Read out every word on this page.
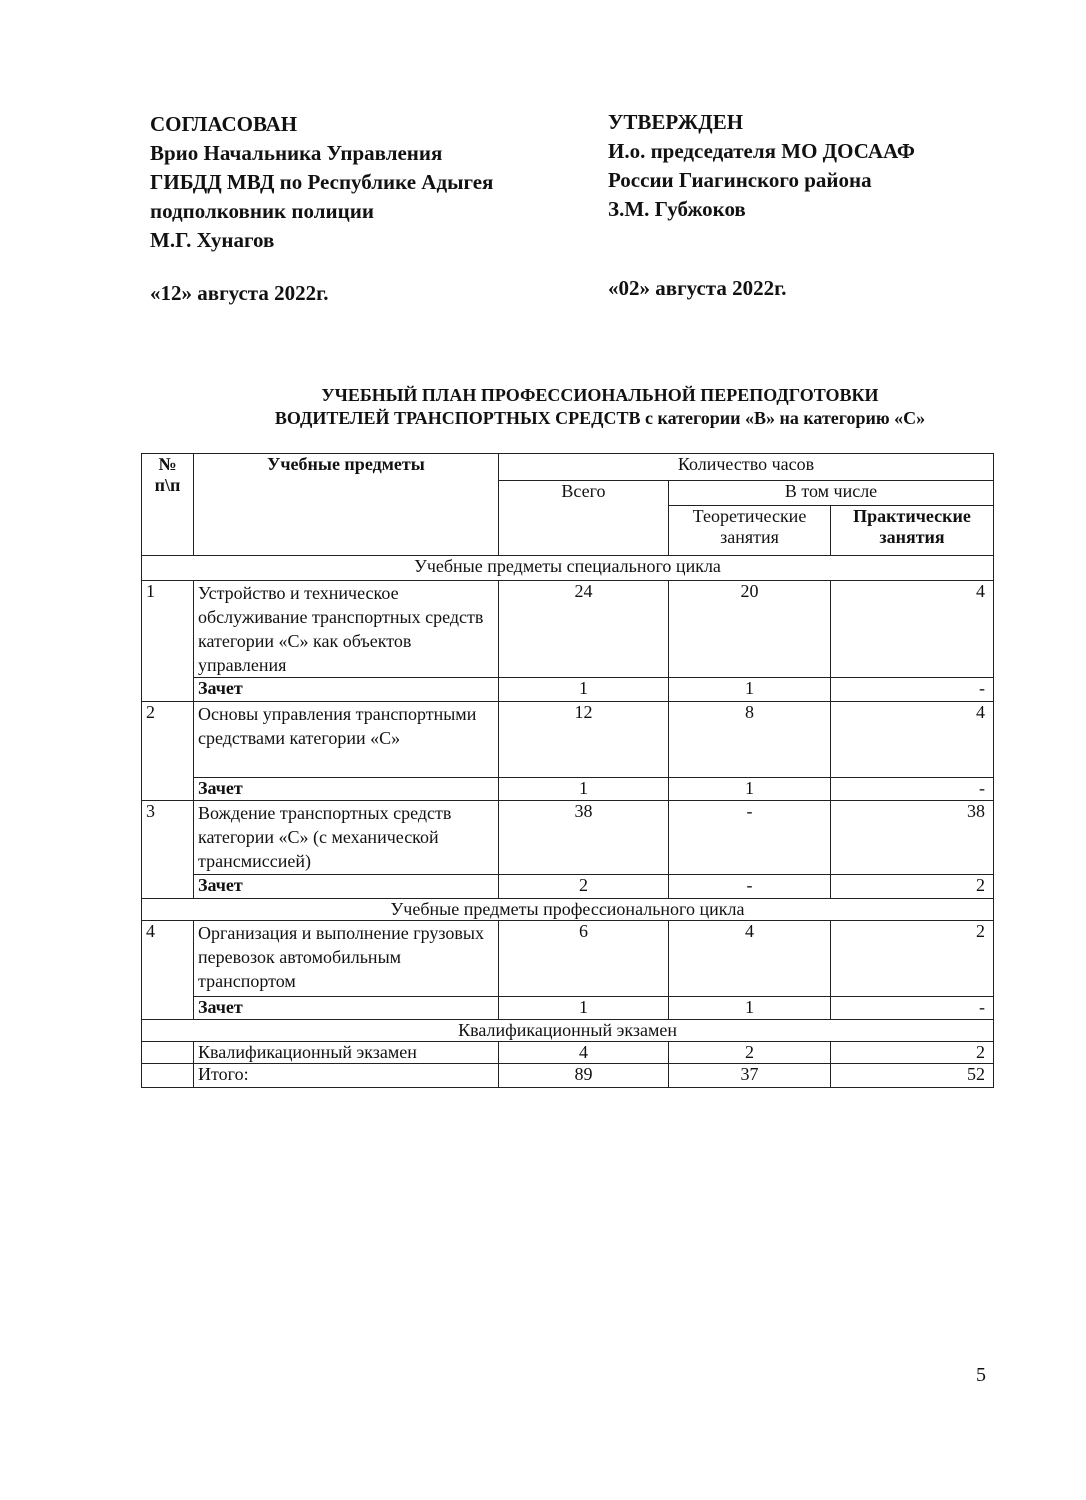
СОГЛАСОВАН
Врио Начальника Управления
ГИБДД МВД по Республике Адыгея
подполковник полиции
М.Г. Хунагов
«12» августа 2022г.
УТВЕРЖДЕН
И.о. председателя МО ДОСААФ
России Гиагинского района
З.М. Губжоков
«02» августа 2022г.
УЧЕБНЫЙ ПЛАН ПРОФЕССИОНАЛЬНОЙ ПЕРЕПОДГОТОВКИ
ВОДИТЕЛЕЙ ТРАНСПОРТНЫХ СРЕДСТВ с категории «В» на категорию «С»
№ п\п	Учебные предметы	Количество часов		
		Всего	В том числе	
			Теоретические занятия	Практические занятия
Учебные предметы специального цикла				
1	Устройство и техническое обслуживание транспортных средств категории «С» как объектов управления	24	20	4
	Зачет	1	1	-
2	Основы управления транспортными средствами категории «С»	12	8	4
	Зачет	1	1	-
3	Вождение транспортных средств категории «С» (с механической трансмиссией)	38	-	38
	Зачет	2	-	2
Учебные предметы профессионального цикла				
4	Организация и выполнение грузовых перевозок автомобильным транспортом	6	4	2
	Зачет	1	1	-
Квалификационный экзамен				
	Квалификационный экзамен	4	2	2
	Итого:	89	37	52
5
